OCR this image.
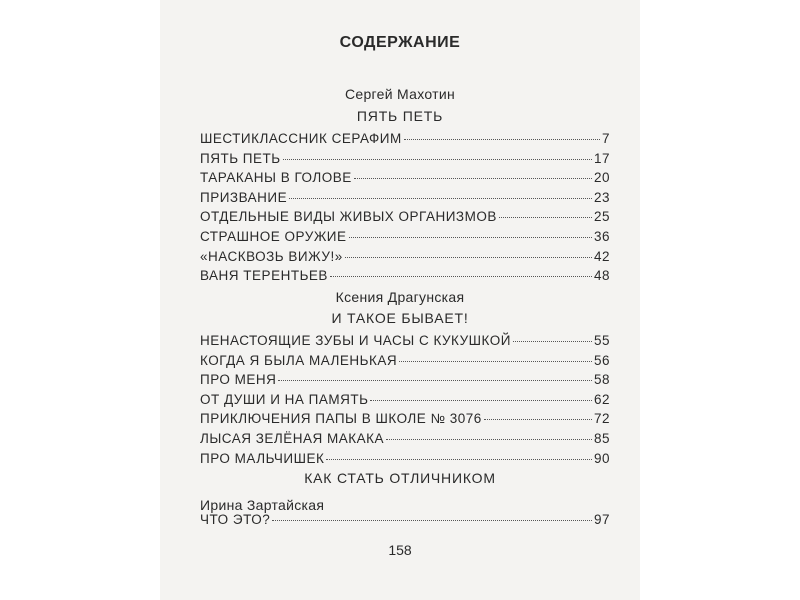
СОДЕРЖАНИЕ
Сергей Махотин
ПЯТЬ ПЕТЬ
ШЕСТИКЛАССНИК СЕРАФИМ	7
ПЯТЬ ПЕТЬ	17
ТАРАКАНЫ В ГОЛОВЕ	20
ПРИЗВАНИЕ	23
ОТДЕЛЬНЫЕ ВИДЫ ЖИВЫХ ОРГАНИЗМОВ	25
СТРАШНОЕ ОРУЖИЕ	36
«НАСКВОЗЬ ВИЖУ!»	42
ВАНЯ ТЕРЕНТЬЕВ	48
Ксения Драгунская
И ТАКОЕ БЫВАЕТ!
НЕНАСТОЯЩИЕ ЗУБЫ И ЧАСЫ С КУКУШКОЙ	55
КОГДА Я БЫЛА МАЛЕНЬКАЯ	56
ПРО МЕНЯ	58
ОТ ДУШИ И НА ПАМЯТЬ	62
ПРИКЛЮЧЕНИЯ ПАПЫ В ШКОЛЕ № 3076	72
ЛЫСАЯ ЗЕЛЁНАЯ МАКАКА	85
ПРО МАЛЬЧИШЕК	90
КАК СТАТЬ ОТЛИЧНИКОМ
Ирина Зартайская
ЧТО ЭТО?	97
158
